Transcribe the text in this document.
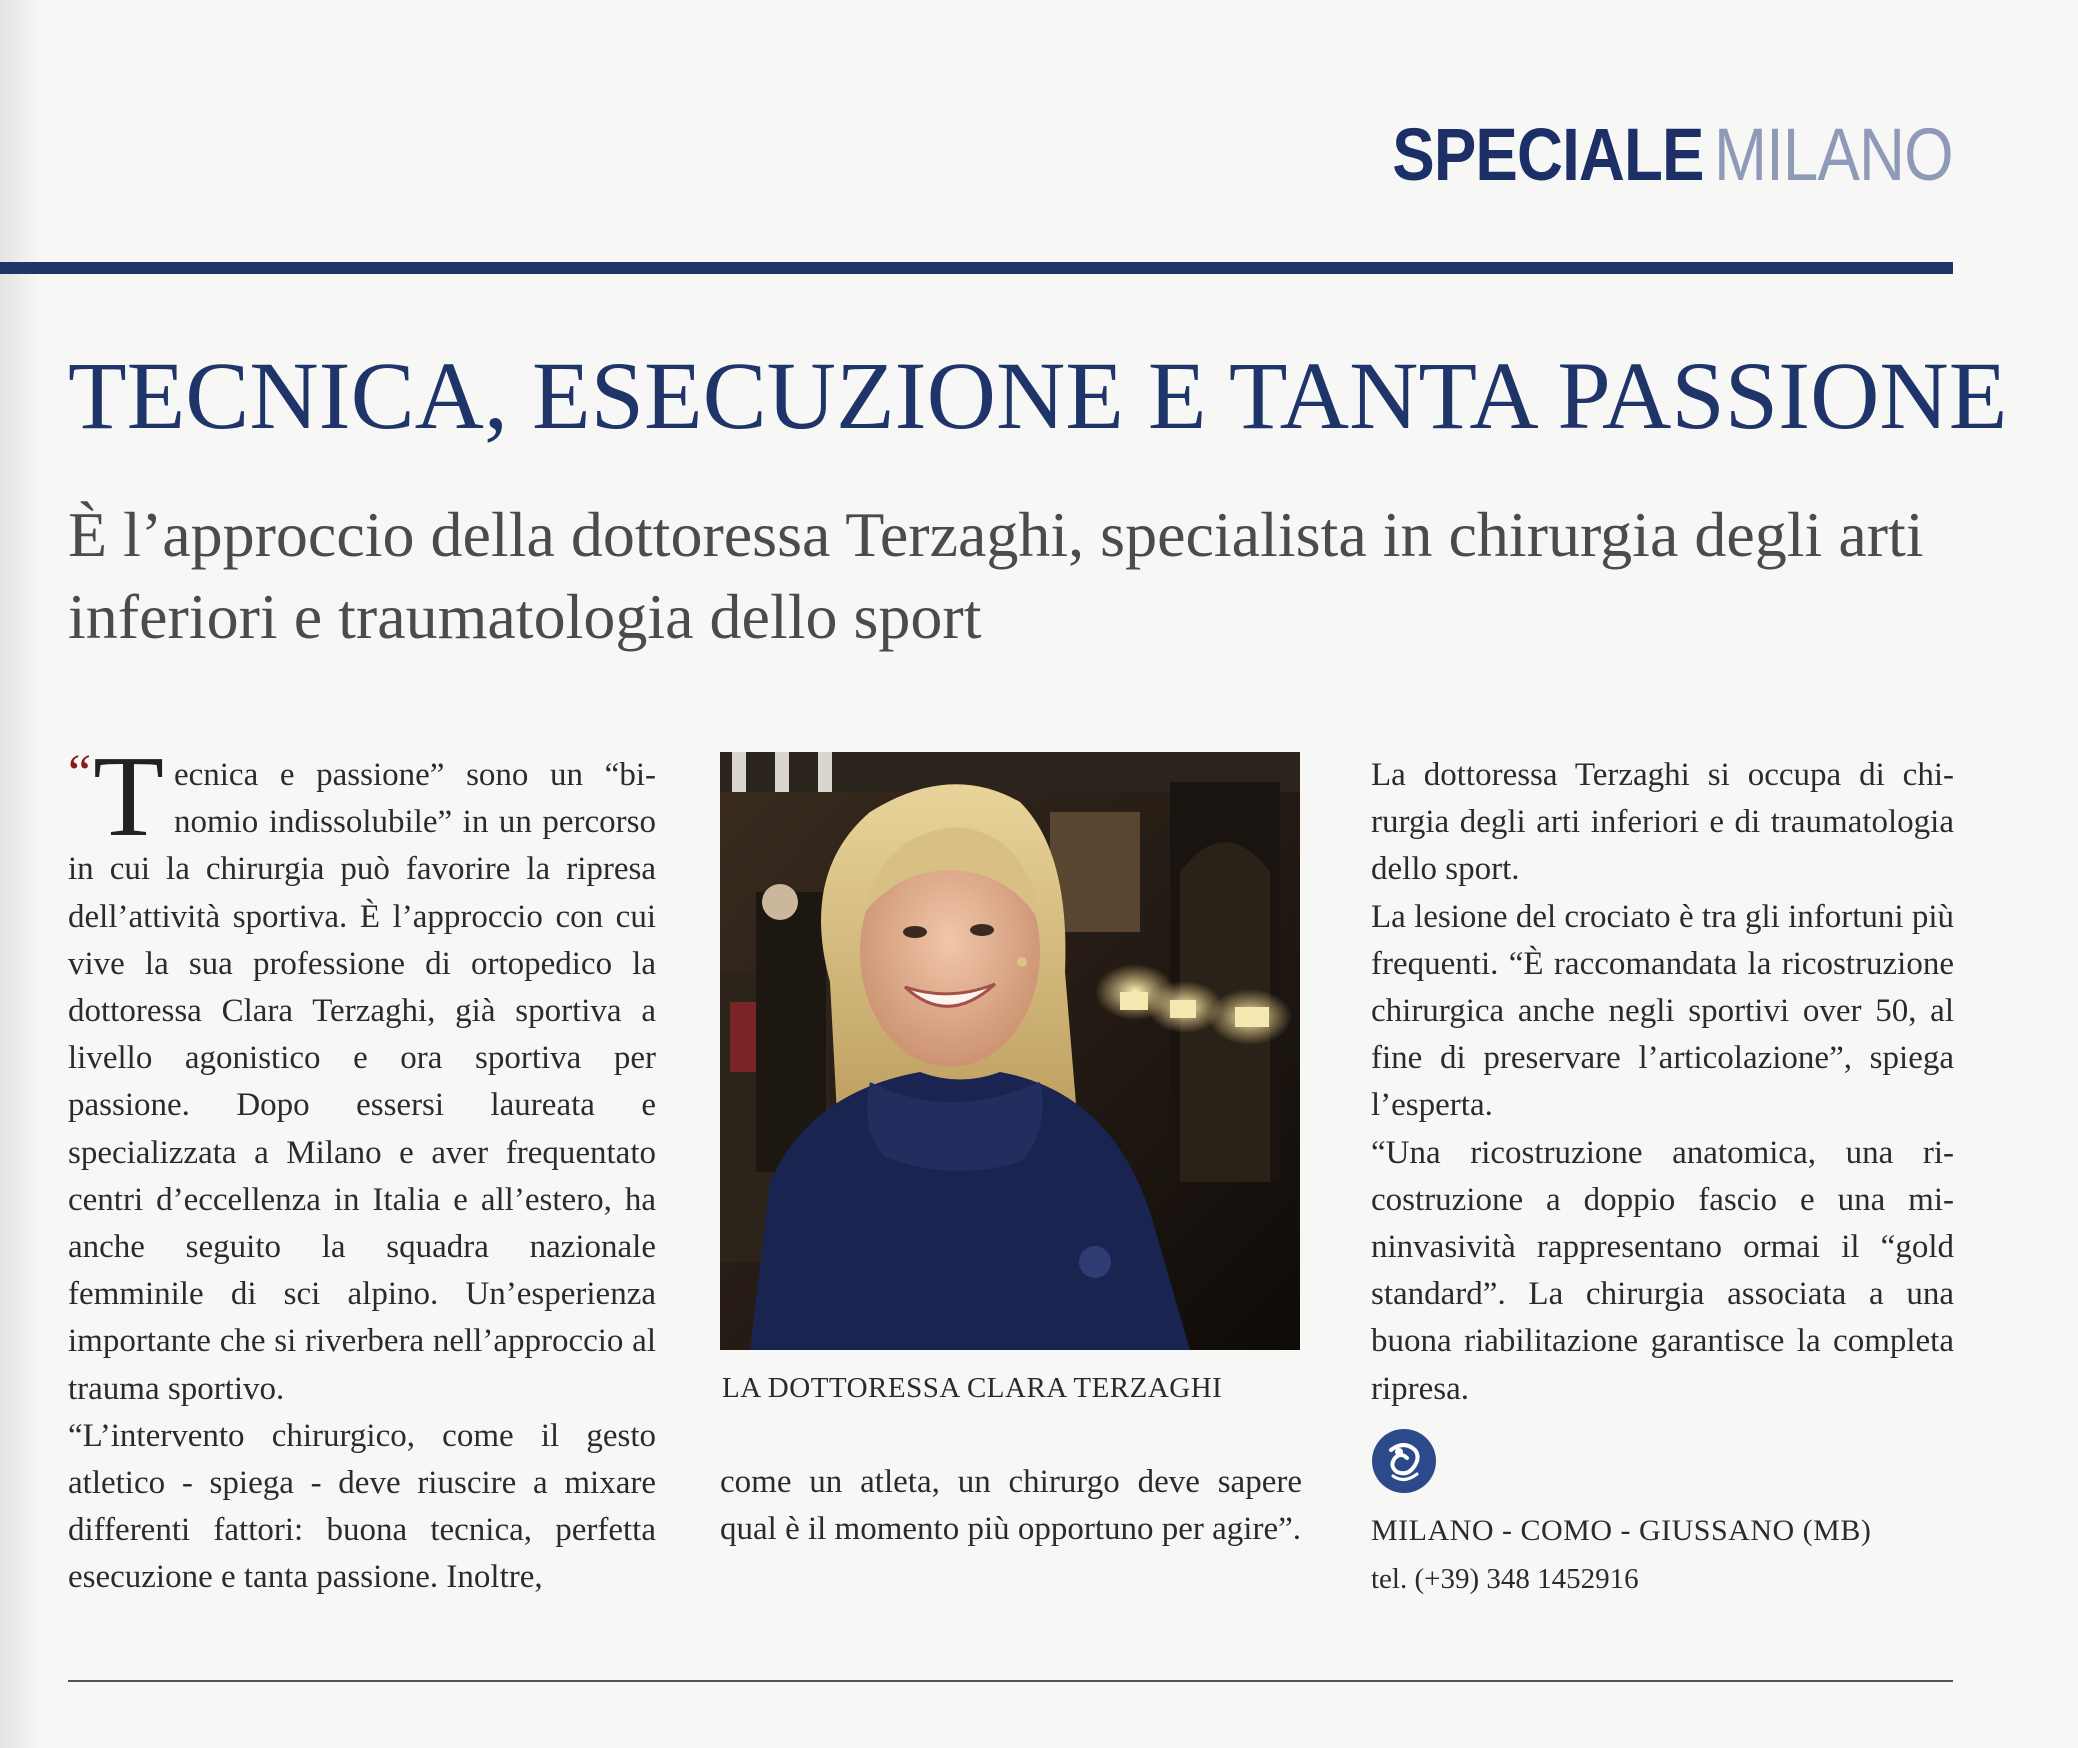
SPECIALE MILANO
TECNICA, ESECUZIONE E TANTA PASSIONE
È l’approccio della dottoressa Terzaghi, specialista in chirurgia degli arti inferiori e traumatologia dello sport

“ T ecnica e passione” sono un “binomio indissolubile” in un percorso in cui la chirurgia può favorire la ripresa dell’attività sportiva. È l’approccio con cui vive la sua professione di ortopedico la dottoressa Clara Terzaghi, già sportiva a livello agonistico e ora sportiva per passione. Dopo essersi laureata e specializzata a Milano e aver frequentato centri d’eccellenza in Italia e all’estero, ha anche seguito la squadra nazionale femminile di sci alpino. Un’esperienza importante che si riverbera nell’approccio al trauma sportivo.

“L’intervento chirurgico, come il gesto atletico - spiega - deve riuscire a mixare differenti fattori: buona tecnica, perfetta esecuzione e tanta passione. Inoltre,

LA DOTTORESSA CLARA TERZAGHI

come un atleta, un chirurgo deve sapere qual è il momento più opportuno per agire”.

La dottoressa Terzaghi si occupa di chirurgia degli arti inferiori e di traumatologia dello sport.

La lesione del crociato è tra gli infortuni più frequenti. “È raccomandata la ricostruzione chirurgica anche negli sportivi over 50, al fine di preservare l’articolazione”, spiega l’esperta.

“Una ricostruzione anatomica, una ricostruzione a doppio fascio e una mininvasività rappresentano ormai il “gold standard”. La chirurgia associata a una buona riabilitazione garantisce la completa ripresa.

MILANO - COMO - GIUSSANO (MB)
tel. (+39) 348 1452916
